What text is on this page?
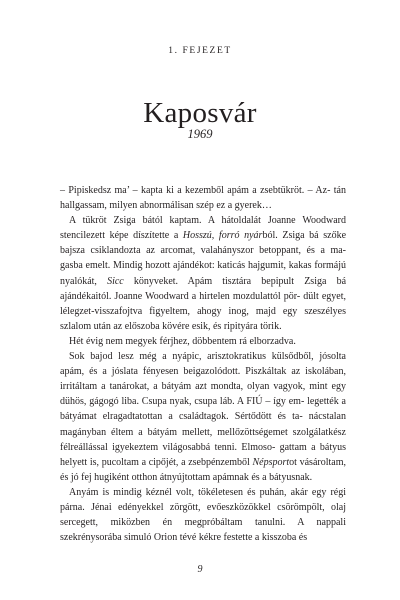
1. FEJEZET
Kaposvár
1969

– Pipiskedsz ma’ – kapta ki a kezemből apám a zsebtükröt. – Az- tán hallgassam, milyen abnormálisan szép ez a gyerek…

A tükröt Zsiga bától kaptam. A hátoldalát Joanne Woodward stencilezett képe díszítette a Hosszú, forró nyárból. Zsiga bá szőke bajsza csiklandozta az arcomat, valahányszor betoppant, és a ma- gasba emelt. Mindig hozott ajándékot: katicás hajgumit, kakas formájú nyalókát, Sicc könyveket. Apám tisztára bepipult Zsiga bá ajándékaitól. Joanne Woodward a hirtelen mozdulattól pör- dült egyet, lélegzet-visszafojtva figyeltem, ahogy inog, majd egy szeszélyes szlalom után az előszoba kövére esik, és ripityára törik.

Hét évig nem megyek férjhez, döbbentem rá elborzadva.

Sok bajod lesz még a nyápic, arisztokratikus külsődből, jósolta apám, és a jóslata fényesen beigazolódott. Piszkáltak az iskolában, irritáltam a tanárokat, a bátyám azt mondta, olyan vagyok, mint egy dühös, gágogó liba. Csupa nyak, csupa láb. A FIÚ – így em- legették a bátyámat elragadtatottan a családtagok. Sértődött és ta- nácstalan magányban éltem a bátyám mellett, mellőzöttségemet szolgálatkész félreállással igyekeztem világosabbá tenni. Elmoso- gattam a bátyus helyett is, pucoltam a cipőjét, a zsebpénzemből Népsportot vásároltam, és jó fej hugiként otthon átnyújtottam apámnak és a bátyusnak.

Anyám is mindig kéznél volt, tökéletesen és puhán, akár egy régi párna. Jénai edényekkel zörgött, evőeszközökkel csörömpölt, olaj sercegett, miközben én megpróbáltam tanulni. A nappali szekrénysorába simuló Orion tévé kékre festette a kisszoba és

9
